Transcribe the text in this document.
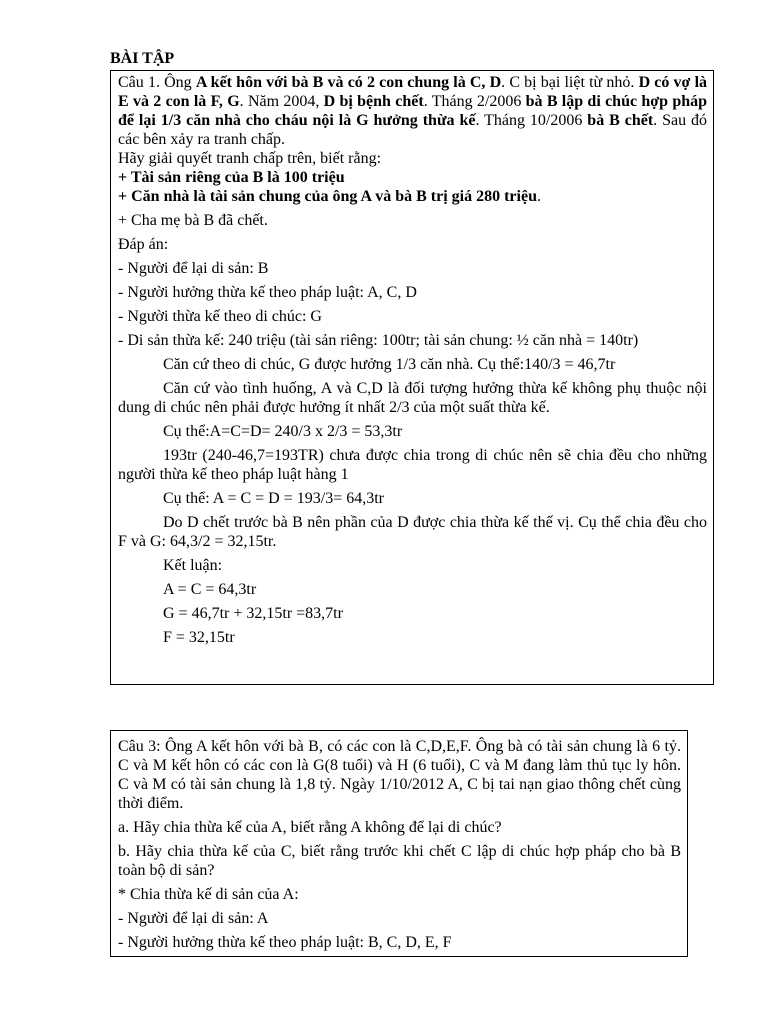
BÀI TẬP

Câu 1. Ông A kết hôn với bà B và có 2 con chung là C, D. C bị bại liệt từ nhỏ. D có vợ là E và 2 con là F, G. Năm 2004, D bị bệnh chết. Tháng 2/2006 bà B lập di chúc hợp pháp để lại 1/3 căn nhà cho cháu nội là G hưởng thừa kế. Tháng 10/2006 bà B chết. Sau đó các bên xảy ra tranh chấp.

Hãy giải quyết tranh chấp trên, biết rằng:

+ Tài sản riêng của B là 100 triệu

+ Căn nhà là tài sản chung của ông A và bà B trị giá 280 triệu.

+ Cha mẹ bà B đã chết.

Đáp án:

- Người để lại di sản: B

- Người hưởng thừa kế theo pháp luật: A, C, D

- Người thừa kế theo di chúc: G

- Di sản thừa kế: 240 triệu (tài sản riêng: 100tr; tài sản chung: ½ căn nhà = 140tr)

Căn cứ theo di chúc, G được hưởng 1/3 căn nhà. Cụ thể:140/3 = 46,7tr

Căn cứ vào tình huống, A và C,D là đối tượng hưởng thừa kế không phụ thuộc nội dung di chúc nên phải được hưởng ít nhất 2/3 của một suất thừa kế.

Cụ thể:A=C=D= 240/3 x 2/3 = 53,3tr

193tr (240-46,7=193TR) chưa được chia trong di chúc nên sẽ chia đều cho những người thừa kế theo pháp luật hàng 1

Cụ thể: A = C = D = 193/3= 64,3tr

Do D chết trước bà B nên phần của D được chia thừa kế thế vị. Cụ thể chia đều cho F và G: 64,3/2 = 32,15tr.

Kết luận:

A = C = 64,3tr

G = 46,7tr + 32,15tr =83,7tr

F = 32,15tr

Câu 3: Ông A kết hôn với bà B, có các con là C,D,E,F. Ông bà có tài sản chung là 6 tỷ. C và M kết hôn có các con là G(8 tuổi) và H (6 tuổi), C và M đang làm thủ tục ly hôn. C và M có tài sản chung là 1,8 tỷ. Ngày 1/10/2012 A, C bị tai nạn giao thông chết cùng thời điểm.

a. Hãy chia thừa kế của A, biết rằng A không để lại di chúc?

b. Hãy chia thừa kế của C, biết rằng trước khi chết C lập di chúc hợp pháp cho bà B toàn bộ di sản?

* Chia thừa kế di sản của A:

- Người để lại di sản: A

- Người hưởng thừa kế theo pháp luật: B, C, D, E, F
